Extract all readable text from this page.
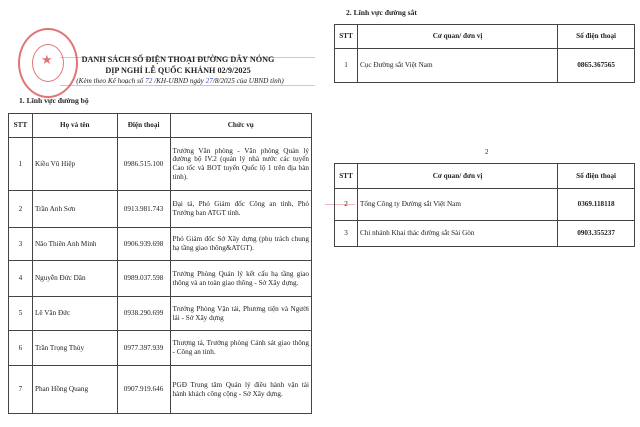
★	DANH SÁCH SỐ ĐIỆN THOẠI ĐƯỜNG DÂY NÓNG
DỊP NGHỈ LỄ QUỐC KHÁNH 02/9/2025
(Kèm theo Kế hoạch số 72 /KH-UBND ngày 27/8/2025 của UBND tỉnh)
1. Lĩnh vực đường bộ
STT	Họ và tên	Điện thoại	Chức vụ
1	Kiều Vũ Hiệp	0986.515.100	Trưởng Văn phòng - Văn phòng Quản lý đường bộ IV.2 (quản lý nhà nước các tuyến Cao tốc và BOT tuyến Quốc lộ 1 trên địa bàn tỉnh).
2	Trần Anh Sơn	0913.981.743	Đại tá, Phó Giám đốc Công an tỉnh, Phó Trưởng ban ATGT tỉnh.
3	Não Thiên Anh Minh	0906.939.698	Phó Giám đốc Sở Xây dựng (phụ trách chung hạ tầng giao thông&ATGT).
4	Nguyễn Đức Dân	0989.037.598	Trưởng Phòng Quản lý kết cấu hạ tầng giao thông và an toàn giao thông - Sở Xây dựng.
5	Lê Văn Đức	0938.290.699	Trưởng Phòng Vận tải, Phương tiện và Người lái - Sở Xây dựng
6	Trần Trọng Thủy	0977.397.939	Thượng tá, Trưởng phòng Cảnh sát giao thông - Công an tỉnh.
7	Phan Hồng Quang	0907.919.646	PGĐ Trung tâm Quản lý điều hành vận tải hành khách công cộng - Sở Xây dựng.
2. Lĩnh vực đường sắt
STT	Cơ quan/ đơn vị	Số điện thoại
1	Cục Đường sắt Việt Nam	0865.367565
2
STT	Cơ quan/ đơn vị	Số điện thoại
2	Tổng Công ty Đường sắt Việt Nam	0369.118118
3	Chi nhánh Khai thác đường sắt Sài Gòn	0903.355237
